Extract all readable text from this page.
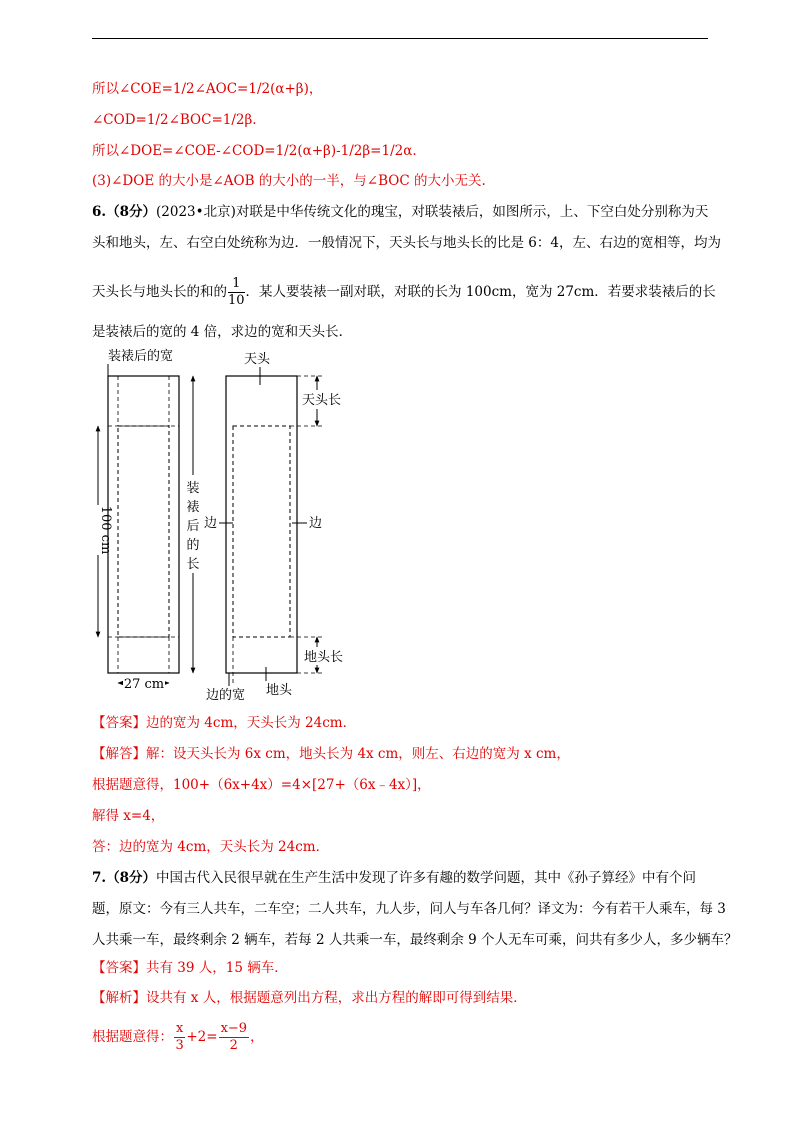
所以∠COE=1/2∠AOC=1/2(α+β)，
∠COD=1/2∠BOC=1/2β.
所以∠DOE=∠COE-∠COD=1/2(α+β)-1/2β=1/2α.
(3)∠DOE 的大小是∠AOB 的大小的一半，与∠BOC 的大小无关.
6.（8分）(2023•北京)对联是中华传统文化的瑰宝，对联装裱后，如图所示，上、下空白处分别称为天
头和地头，左、右空白处统称为边．一般情况下，天头长与地头长的比是 6：4，左、右边的宽相等，均为
天头长与地头长的和的 $\frac{1}{10}$ ．某人要装裱一副对联，对联的长为 100cm，宽为 27cm．若要求装裱后的长
是装裱后的宽的 4 倍，求边的宽和天头长．
100 cm
27 cm
装
裱
后
的
长
装裱后的宽	天头
天头长
边	边
地头长
边的宽 地头
【答案】边的宽为 4cm，天头长为 24cm．
【解答】解：设天头长为 6x cm，地头长为 4x cm，则左、右边的宽为 x cm，
根据题意得，100+（6x+4x）=4×[27+（6x﹣4x）]，
解得 x=4，
答：边的宽为 4cm，天头长为 24cm．
7.（8分）中国古代入民很早就在生产生活中发现了许多有趣的数学问题，其中《孙子算经》中有个问
题，原文：今有三人共车，二车空；二人共车，九人步，问人与车各几何？译文为：今有若干人乘车，每 3
人共乘一车，最终剩余 2 辆车，若每 2 人共乘一车，最终剩余 9 个人无车可乘，问共有多少人，多少辆车？
【答案】共有 39 人，15 辆车．
【解析】设共有 x 人，根据题意列出方程，求出方程的解即可得到结果．
根据题意得： $\frac{x}{3} +2= \frac{x-9}{2}$ ，
